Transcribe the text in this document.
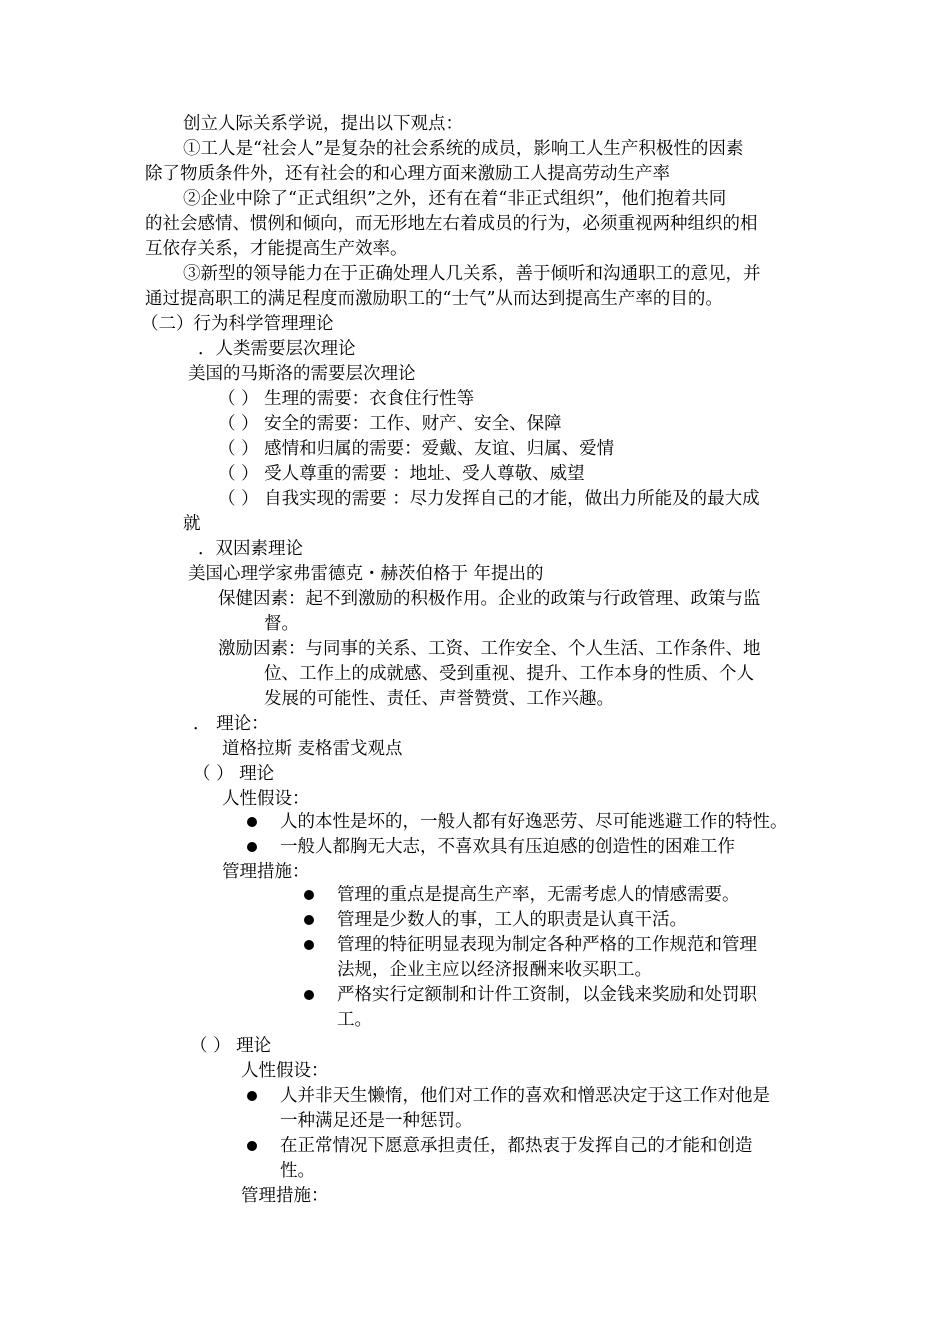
创立人际关系学说，提出以下观点：
①工人是“社会人”是复杂的社会系统的成员，影响工人生产积极性的因素
除了物质条件外，还有社会的和心理方面来激励工人提高劳动生产率
②企业中除了“正式组织”之外，还有在着“非正式组织”，他们抱着共同
的社会感情、惯例和倾向，而无形地左右着成员的行为，必须重视两种组织的相
互依存关系，才能提高生产效率。
③新型的领导能力在于正确处理人几关系，善于倾听和沟通职工的意见，并
通过提高职工的满足程度而激励职工的“士气”从而达到提高生产率的目的。
（二）行为科学管理理论
．人类需要层次理论
美国的马斯洛的需要层次理论
（ ） 生理的需要：衣食住行性等
（ ） 安全的需要：工作、财产、安全、保障
（ ） 感情和归属的需要：爱戴、友谊、归属、爱情
（ ） 受人尊重的需要 ：地址、受人尊敬、威望
（ ） 自我实现的需要 ：尽力发挥自己的才能，做出力所能及的最大成
就
．双因素理论
美国心理学家弗雷德克・赫茨伯格于 年提出的
保健因素：起不到激励的积极作用。企业的政策与行政管理、政策与监
督。
激励因素：与同事的关系、工资、工作安全、个人生活、工作条件、地
位、工作上的成就感、受到重视、提升、工作本身的性质、个人
发展的可能性、责任、声誉赞赏、工作兴趣。
． 理论：
道格拉斯 麦格雷戈观点
（ ） 理论
人性假设：
人的本性是坏的，一般人都有好逸恶劳、尽可能逃避工作的特性。
一般人都胸无大志，不喜欢具有压迫感的创造性的困难工作
管理措施：
管理的重点是提高生产率，无需考虑人的情感需要。
管理是少数人的事，工人的职责是认真干活。
管理的特征明显表现为制定各种严格的工作规范和管理
法规，企业主应以经济报酬来收买职工。
严格实行定额制和计件工资制，以金钱来奖励和处罚职
工。
（ ） 理论
人性假设：
人并非天生懒惰，他们对工作的喜欢和憎恶决定于这工作对他是
一种满足还是一种惩罚。
在正常情况下愿意承担责任，都热衷于发挥自己的才能和创造
性。
管理措施：
